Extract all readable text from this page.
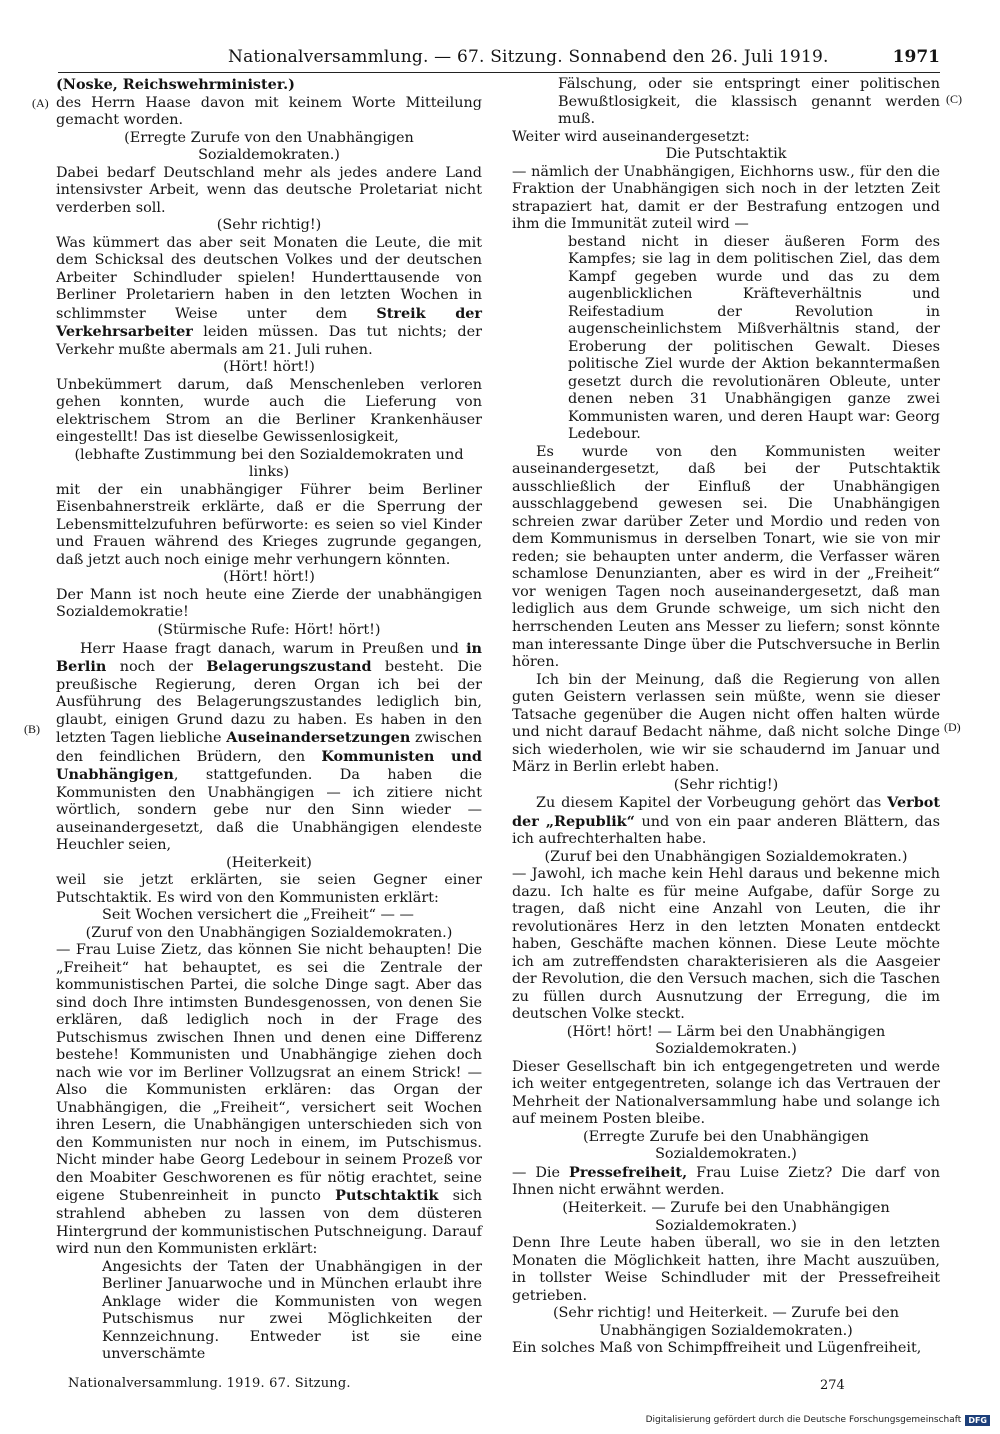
Nationalversammlung. — 67. Sitzung. Sonnabend den 26. Juli 1919.	1971
(A)
(B)
(C)
(D)

(Noske, Reichswehrminister.)

des Herrn Haase davon mit keinem Worte Mitteilung gemacht worden.

(Erregte Zurufe von den Unabhängigen Sozialdemokraten.)

Dabei bedarf Deutschland mehr als jedes andere Land intensivster Arbeit, wenn das deutsche Proletariat nicht verderben soll.

(Sehr richtig!)

Was kümmert das aber seit Monaten die Leute, die mit dem Schicksal des deutschen Volkes und der deutschen Arbeiter Schindluder spielen! Hunderttausende von Berliner Proletariern haben in den letzten Wochen in schlimmster Weise unter dem Streik der Verkehrsarbeiter leiden müssen. Das tut nichts; der Verkehr mußte abermals am 21. Juli ruhen.

(Hört! hört!)

Unbekümmert darum, daß Menschenleben verloren gehen konnten, wurde auch die Lieferung von elektrischem Strom an die Berliner Krankenhäuser eingestellt! Das ist dieselbe Gewissenlosigkeit,

(lebhafte Zustimmung bei den Sozialdemokraten und links)

mit der ein unabhängiger Führer beim Berliner Eisenbahnerstreik erklärte, daß er die Sperrung der Lebensmittelzufuhren befürworte: es seien so viel Kinder und Frauen während des Krieges zugrunde gegangen, daß jetzt auch noch einige mehr verhungern könnten.

(Hört! hört!)

Der Mann ist noch heute eine Zierde der unabhängigen Sozialdemokratie!

(Stürmische Rufe: Hört! hört!)

Herr Haase fragt danach, warum in Preußen und in Berlin noch der Belagerungszustand besteht. Die preußische Regierung, deren Organ ich bei der Ausführung des Belagerungszustandes lediglich bin, glaubt, einigen Grund dazu zu haben. Es haben in den letzten Tagen liebliche Auseinandersetzungen zwischen den feindlichen Brüdern, den Kommunisten und Unabhängigen, stattgefunden. Da haben die Kommunisten den Unabhängigen — ich zitiere nicht wörtlich, sondern gebe nur den Sinn wieder — auseinandergesetzt, daß die Unabhängigen elendeste Heuchler seien,

(Heiterkeit)

weil sie jetzt erklärten, sie seien Gegner einer Putschtaktik. Es wird von den Kommunisten erklärt:

Seit Wochen versichert die „Freiheit“ — —

(Zuruf von den Unabhängigen Sozialdemokraten.)

— Frau Luise Zietz, das können Sie nicht behaupten! Die „Freiheit“ hat behauptet, es sei die Zentrale der kommunistischen Partei, die solche Dinge sagt. Aber das sind doch Ihre intimsten Bundesgenossen, von denen Sie erklären, daß lediglich noch in der Frage des Putschismus zwischen Ihnen und denen eine Differenz bestehe! Kommunisten und Unabhängige ziehen doch nach wie vor im Berliner Vollzugsrat an einem Strick! — Also die Kommunisten erklären: das Organ der Unabhängigen, die „Freiheit“, versichert seit Wochen ihren Lesern, die Unabhängigen unterschieden sich von den Kommunisten nur noch in einem, im Putschismus. Nicht minder habe Georg Ledebour in seinem Prozeß vor den Moabiter Geschworenen es für nötig erachtet, seine eigene Stubenreinheit in puncto Putschtaktik sich strahlend abheben zu lassen von dem düsteren Hintergrund der kommunistischen Putschneigung. Darauf wird nun den Kommunisten erklärt:

Angesichts der Taten der Unabhängigen in der Berliner Januarwoche und in München erlaubt ihre Anklage wider die Kommunisten von wegen Putschismus nur zwei Möglichkeiten der Kennzeichnung. Entweder ist sie eine unverschämte

Fälschung, oder sie entspringt einer politischen Bewußtlosigkeit, die klassisch genannt werden muß.

Weiter wird auseinandergesetzt:

Die Putschtaktik

— nämlich der Unabhängigen, Eichhorns usw., für den die Fraktion der Unabhängigen sich noch in der letzten Zeit strapaziert hat, damit er der Bestrafung entzogen und ihm die Immunität zuteil wird —

bestand nicht in dieser äußeren Form des Kampfes; sie lag in dem politischen Ziel, das dem Kampf gegeben wurde und das zu dem augenblicklichen Kräfteverhältnis und Reifestadium der Revolution in augenscheinlichstem Mißverhältnis stand, der Eroberung der politischen Gewalt. Dieses politische Ziel wurde der Aktion bekanntermaßen gesetzt durch die revolutionären Obleute, unter denen neben 31 Unabhängigen ganze zwei Kommunisten waren, und deren Haupt war: Georg Ledebour.

Es wurde von den Kommunisten weiter auseinandergesetzt, daß bei der Putschtaktik ausschließlich der Einfluß der Unabhängigen ausschlaggebend gewesen sei. Die Unabhängigen schreien zwar darüber Zeter und Mordio und reden von dem Kommunismus in derselben Tonart, wie sie von mir reden; sie behaupten unter anderm, die Verfasser wären schamlose Denunzianten, aber es wird in der „Freiheit“ vor wenigen Tagen noch auseinandergesetzt, daß man lediglich aus dem Grunde schweige, um sich nicht den herrschenden Leuten ans Messer zu liefern; sonst könnte man interessante Dinge über die Putschversuche in Berlin hören.

Ich bin der Meinung, daß die Regierung von allen guten Geistern verlassen sein müßte, wenn sie dieser Tatsache gegenüber die Augen nicht offen halten würde und nicht darauf Bedacht nähme, daß nicht solche Dinge sich wiederholen, wie wir sie schaudernd im Januar und März in Berlin erlebt haben.

(Sehr richtig!)

Zu diesem Kapitel der Vorbeugung gehört das Verbot der „Republik“ und von ein paar anderen Blättern, das ich aufrechterhalten habe.

(Zuruf bei den Unabhängigen Sozialdemokraten.)

— Jawohl, ich mache kein Hehl daraus und bekenne mich dazu. Ich halte es für meine Aufgabe, dafür Sorge zu tragen, daß nicht eine Anzahl von Leuten, die ihr revolutionäres Herz in den letzten Monaten entdeckt haben, Geschäfte machen können. Diese Leute möchte ich am zutreffendsten charakterisieren als die Aasgeier der Revolution, die den Versuch machen, sich die Taschen zu füllen durch Ausnutzung der Erregung, die im deutschen Volke steckt.

(Hört! hört! — Lärm bei den Unabhängigen Sozialdemokraten.)

Dieser Gesellschaft bin ich entgegengetreten und werde ich weiter entgegentreten, solange ich das Vertrauen der Mehrheit der Nationalversammlung habe und solange ich auf meinem Posten bleibe.

(Erregte Zurufe bei den Unabhängigen Sozialdemokraten.)

— Die Pressefreiheit, Frau Luise Zietz? Die darf von Ihnen nicht erwähnt werden.

(Heiterkeit. — Zurufe bei den Unabhängigen Sozialdemokraten.)

Denn Ihre Leute haben überall, wo sie in den letzten Monaten die Möglichkeit hatten, ihre Macht auszuüben, in tollster Weise Schindluder mit der Pressefreiheit getrieben.

(Sehr richtig! und Heiterkeit. — Zurufe bei den Unabhängigen Sozialdemokraten.)

Ein solches Maß von Schimpffreiheit und Lügenfreiheit,

Nationalversammlung. 1919. 67. Sitzung.	274
Digitalisierung gefördert durch die Deutsche Forschungsgemeinschaft DFG
